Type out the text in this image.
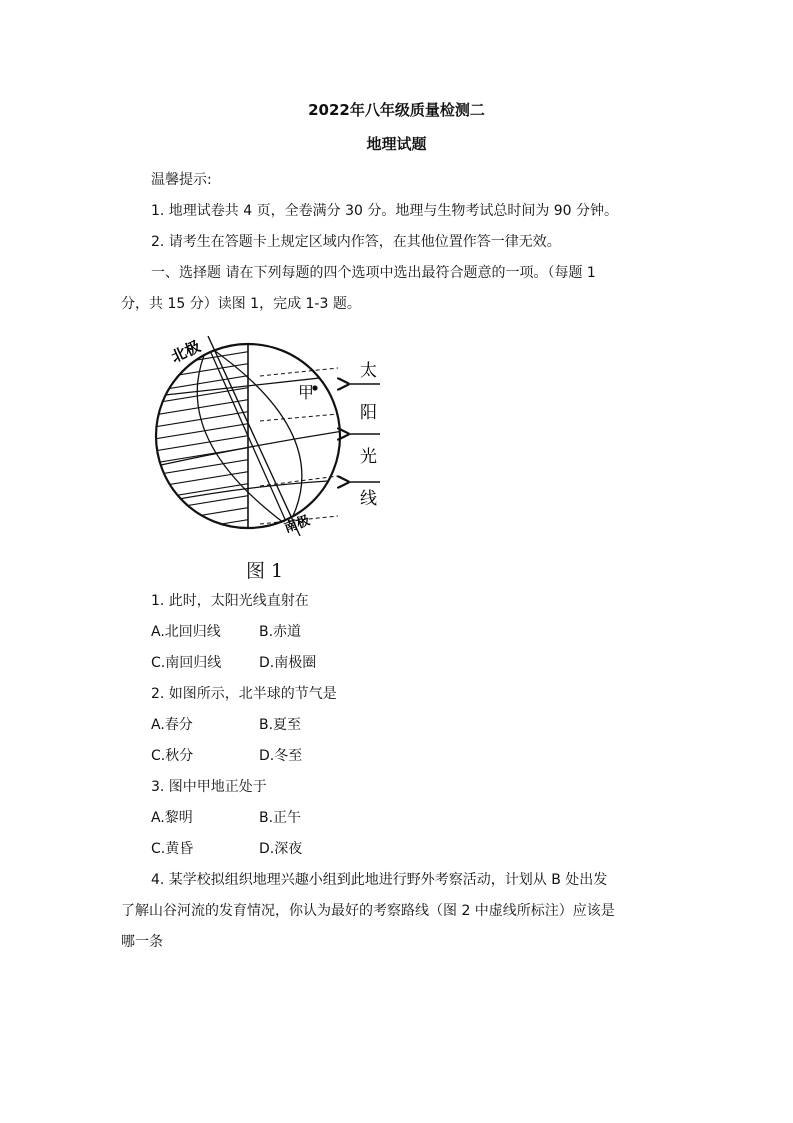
2022年八年级质量检测二
地理试题
温馨提示:
1. 地理试卷共 4 页，全卷满分 30 分。地理与生物考试总时间为 90 分钟。
2. 请考生在答题卡上规定区域内作答，在其他位置作答一律无效。
一、选择题 请在下列每题的四个选项中选出最符合题意的一项。（每题 1
分，共 15 分）读图 1，完成 1-3 题。
北极
南极
甲
太
阳
光
线
图 1
1. 此时，太阳光线直射在
A.北回归线	B.赤道
C.南回归线	D.南极圈
2. 如图所示，北半球的节气是
A.春分	B.夏至
C.秋分	D.冬至
3. 图中甲地正处于
A.黎明	B.正午
C.黄昏	D.深夜
4. 某学校拟组织地理兴趣小组到此地进行野外考察活动，计划从 B 处出发
了解山谷河流的发育情况，你认为最好的考察路线（图 2 中虚线所标注）应该是
哪一条
